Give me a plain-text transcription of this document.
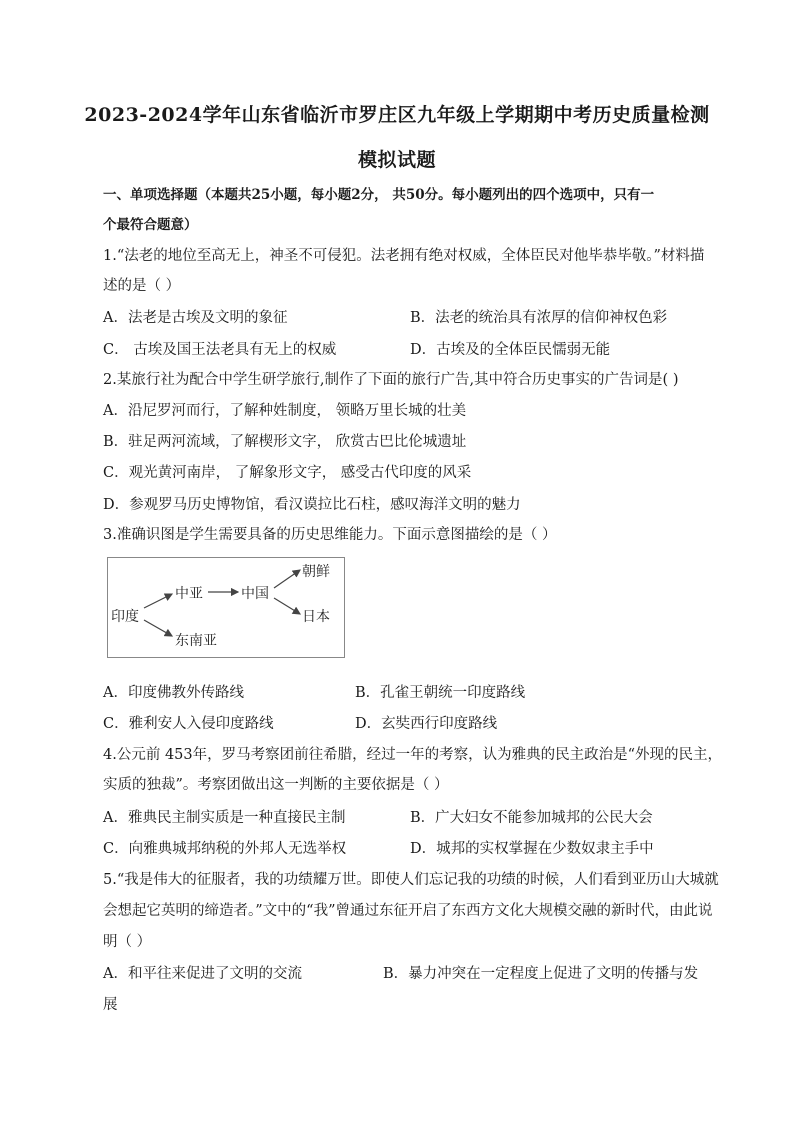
2023-2024学年山东省临沂市罗庄区九年级上学期期中考历史质量检测
模拟试题
一、单项选择题（本题共25小题，每小题2分， 共50分。每小题列出的四个选项中，只有一
个最符合题意）
1.“法老的地位至高无上，神圣不可侵犯。法老拥有绝对权威，全体臣民对他毕恭毕敬。”材料描
述的是（ ）
A．法老是古埃及文明的象征	B．法老的统治具有浓厚的信仰神权色彩
C． 古埃及国王法老具有无上的权威	D．古埃及的全体臣民懦弱无能
2.某旅行社为配合中学生研学旅行,制作了下面的旅行广告,其中符合历史事实的广告词是( )
A．沿尼罗河而行，了解种姓制度， 领略万里长城的壮美
B．驻足两河流域，了解楔形文字， 欣赏古巴比伦城遗址
C．观光黄河南岸， 了解象形文字， 感受古代印度的风采
D．参观罗马历史博物馆，看汉谟拉比石柱，感叹海洋文明的魅力
3.准确识图是学生需要具备的历史思维能力。下面示意图描绘的是（ ）
印度
中亚	中国
朝鲜
日本
东南亚
A．印度佛教外传路线	B．孔雀王朝统一印度路线
C．雅利安人入侵印度路线	D．玄奘西行印度路线
4.公元前 453年，罗马考察团前往希腊，经过一年的考察，认为雅典的民主政治是“外现的民主，
实质的独裁”。考察团做出这一判断的主要依据是（ ）
A．雅典民主制实质是一种直接民主制	B．广大妇女不能参加城邦的公民大会
C．向雅典城邦纳税的外邦人无选举权	D．城邦的实权掌握在少数奴隶主手中
5.“我是伟大的征服者，我的功绩耀万世。即使人们忘记我的功绩的时候，人们看到亚历山大城就
会想起它英明的缔造者。”文中的“我”曾通过东征开启了东西方文化大规模交融的新时代，由此说
明（ ）
A．和平往来促进了文明的交流	B．暴力冲突在一定程度上促进了文明的传播与发
展
